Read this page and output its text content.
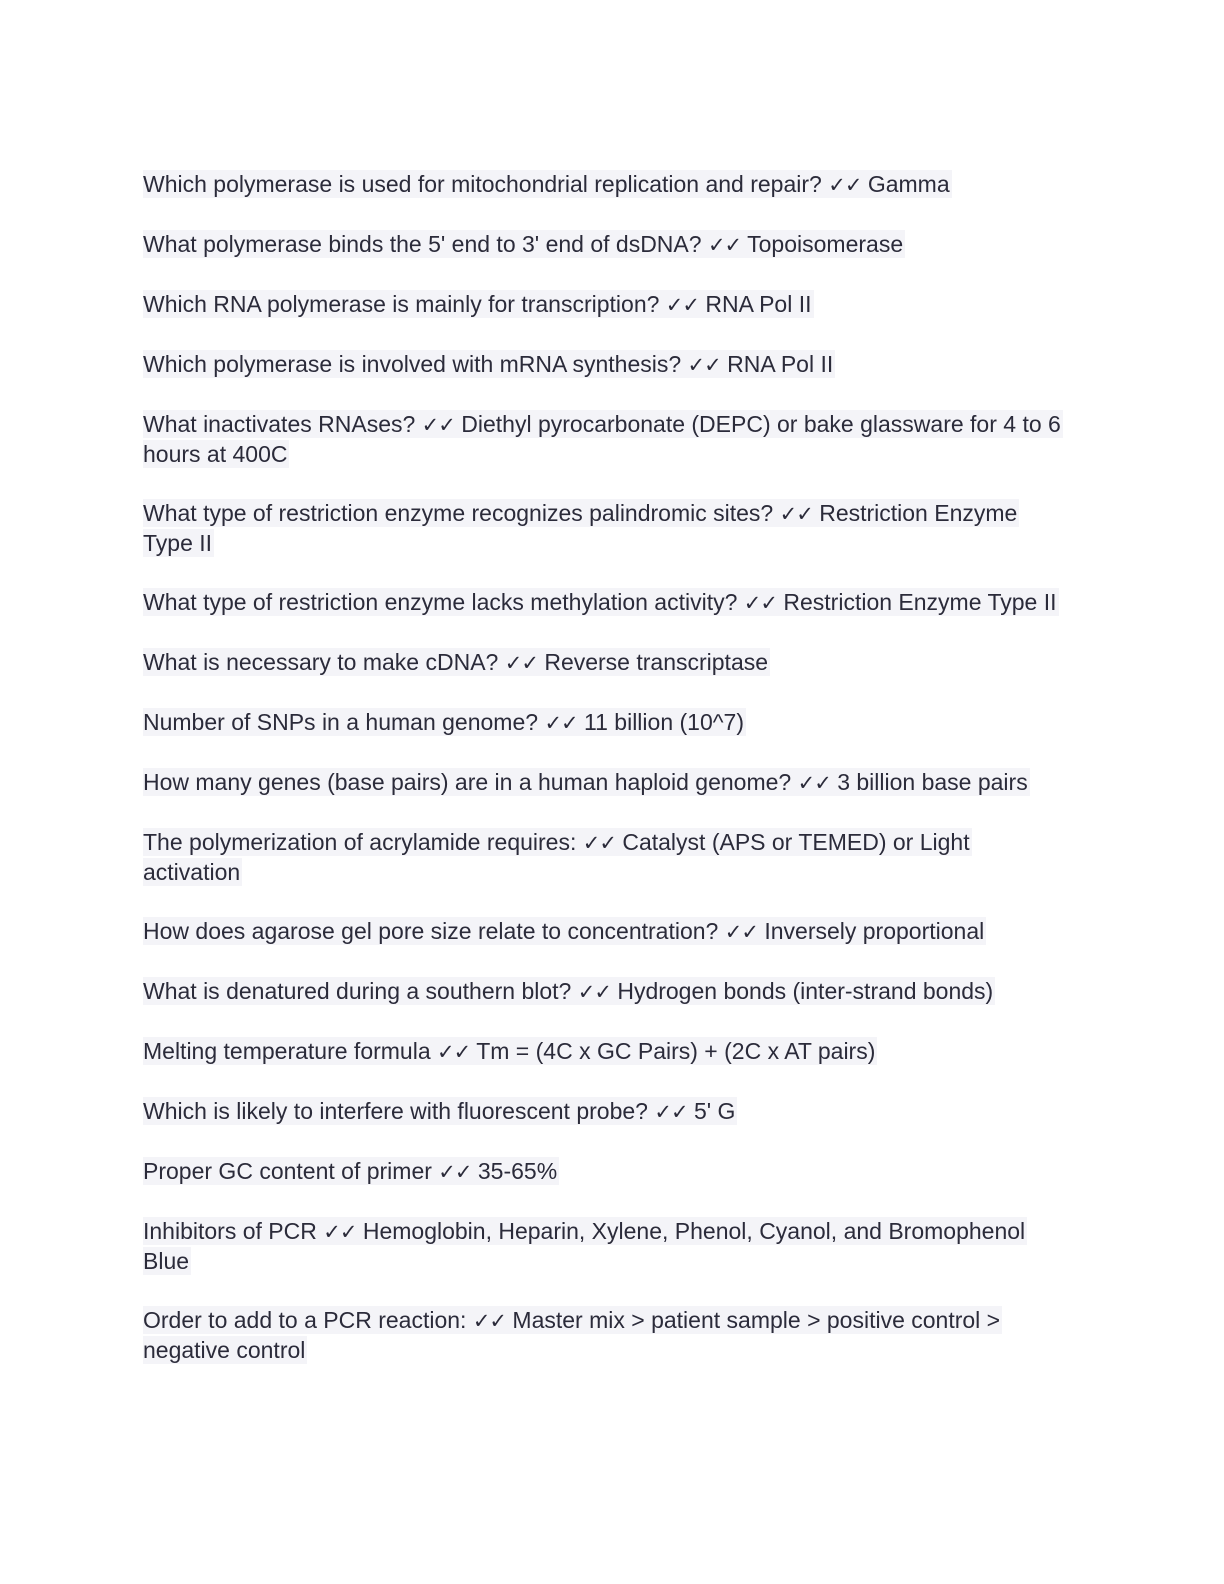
Which polymerase is used for mitochondrial replication and repair? ✓✓ Gamma
What polymerase binds the 5' end to 3' end of dsDNA? ✓✓ Topoisomerase
Which RNA polymerase is mainly for transcription? ✓✓ RNA Pol II
Which polymerase is involved with mRNA synthesis? ✓✓ RNA Pol II
What inactivates RNAses? ✓✓ Diethyl pyrocarbonate (DEPC) or bake glassware for 4 to 6 hours at 400C
What type of restriction enzyme recognizes palindromic sites? ✓✓ Restriction Enzyme Type II
What type of restriction enzyme lacks methylation activity? ✓✓ Restriction Enzyme Type II
What is necessary to make cDNA? ✓✓ Reverse transcriptase
Number of SNPs in a human genome? ✓✓ 11 billion (10^7)
How many genes (base pairs) are in a human haploid genome? ✓✓ 3 billion base pairs
The polymerization of acrylamide requires: ✓✓ Catalyst (APS or TEMED) or Light activation
How does agarose gel pore size relate to concentration? ✓✓ Inversely proportional
What is denatured during a southern blot? ✓✓ Hydrogen bonds (inter-strand bonds)
Melting temperature formula ✓✓ Tm = (4C x GC Pairs) + (2C x AT pairs)
Which is likely to interfere with fluorescent probe? ✓✓ 5' G
Proper GC content of primer ✓✓ 35-65%
Inhibitors of PCR ✓✓ Hemoglobin, Heparin, Xylene, Phenol, Cyanol, and Bromophenol Blue
Order to add to a PCR reaction: ✓✓ Master mix > patient sample > positive control > negative control
